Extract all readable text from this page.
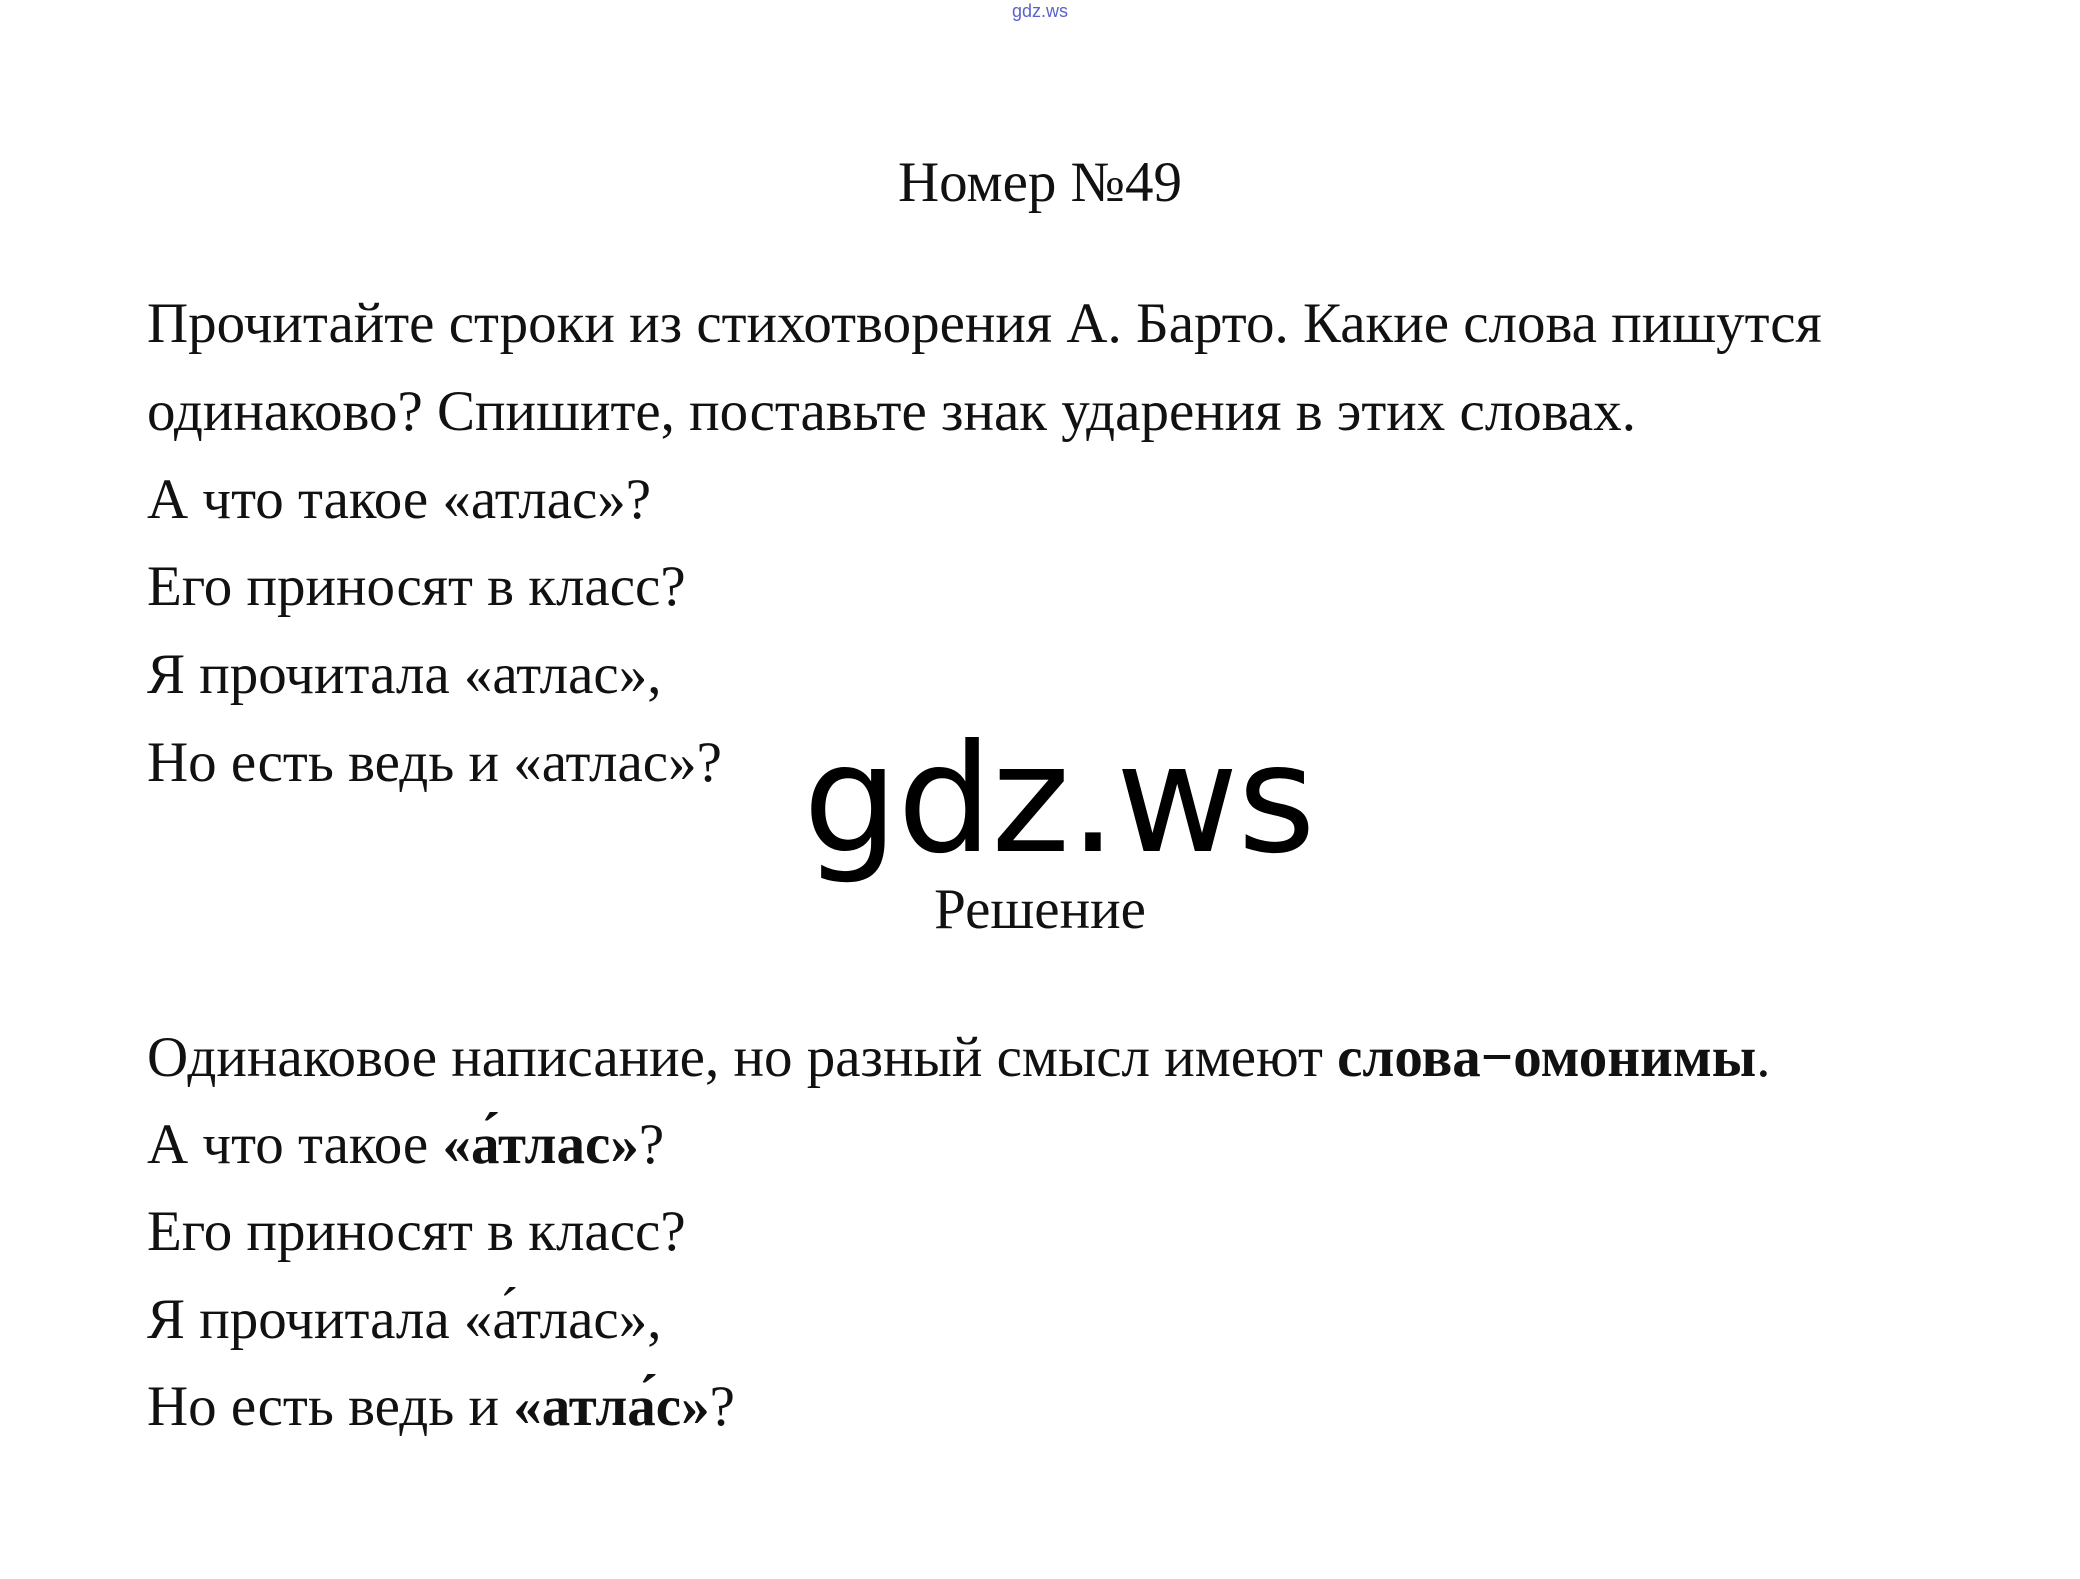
gdz.ws
Номер №49
Прочитайте строки из стихотворения А. Барто. Какие слова пишутся
одинаково? Спишите, поставьте знак ударения в этих словах.
А что такое «атлас»?
Его приносят в класс?
Я прочитала «атлас»,
Но есть ведь и «атлас»? gdz.ws
Решение
Одинаковое написание, но разный смысл имеют слова−омонимы.
А что такое «а́тлас»?
Его приносят в класс?
Я прочитала «а́тлас»,
Но есть ведь и «атла́с»?
